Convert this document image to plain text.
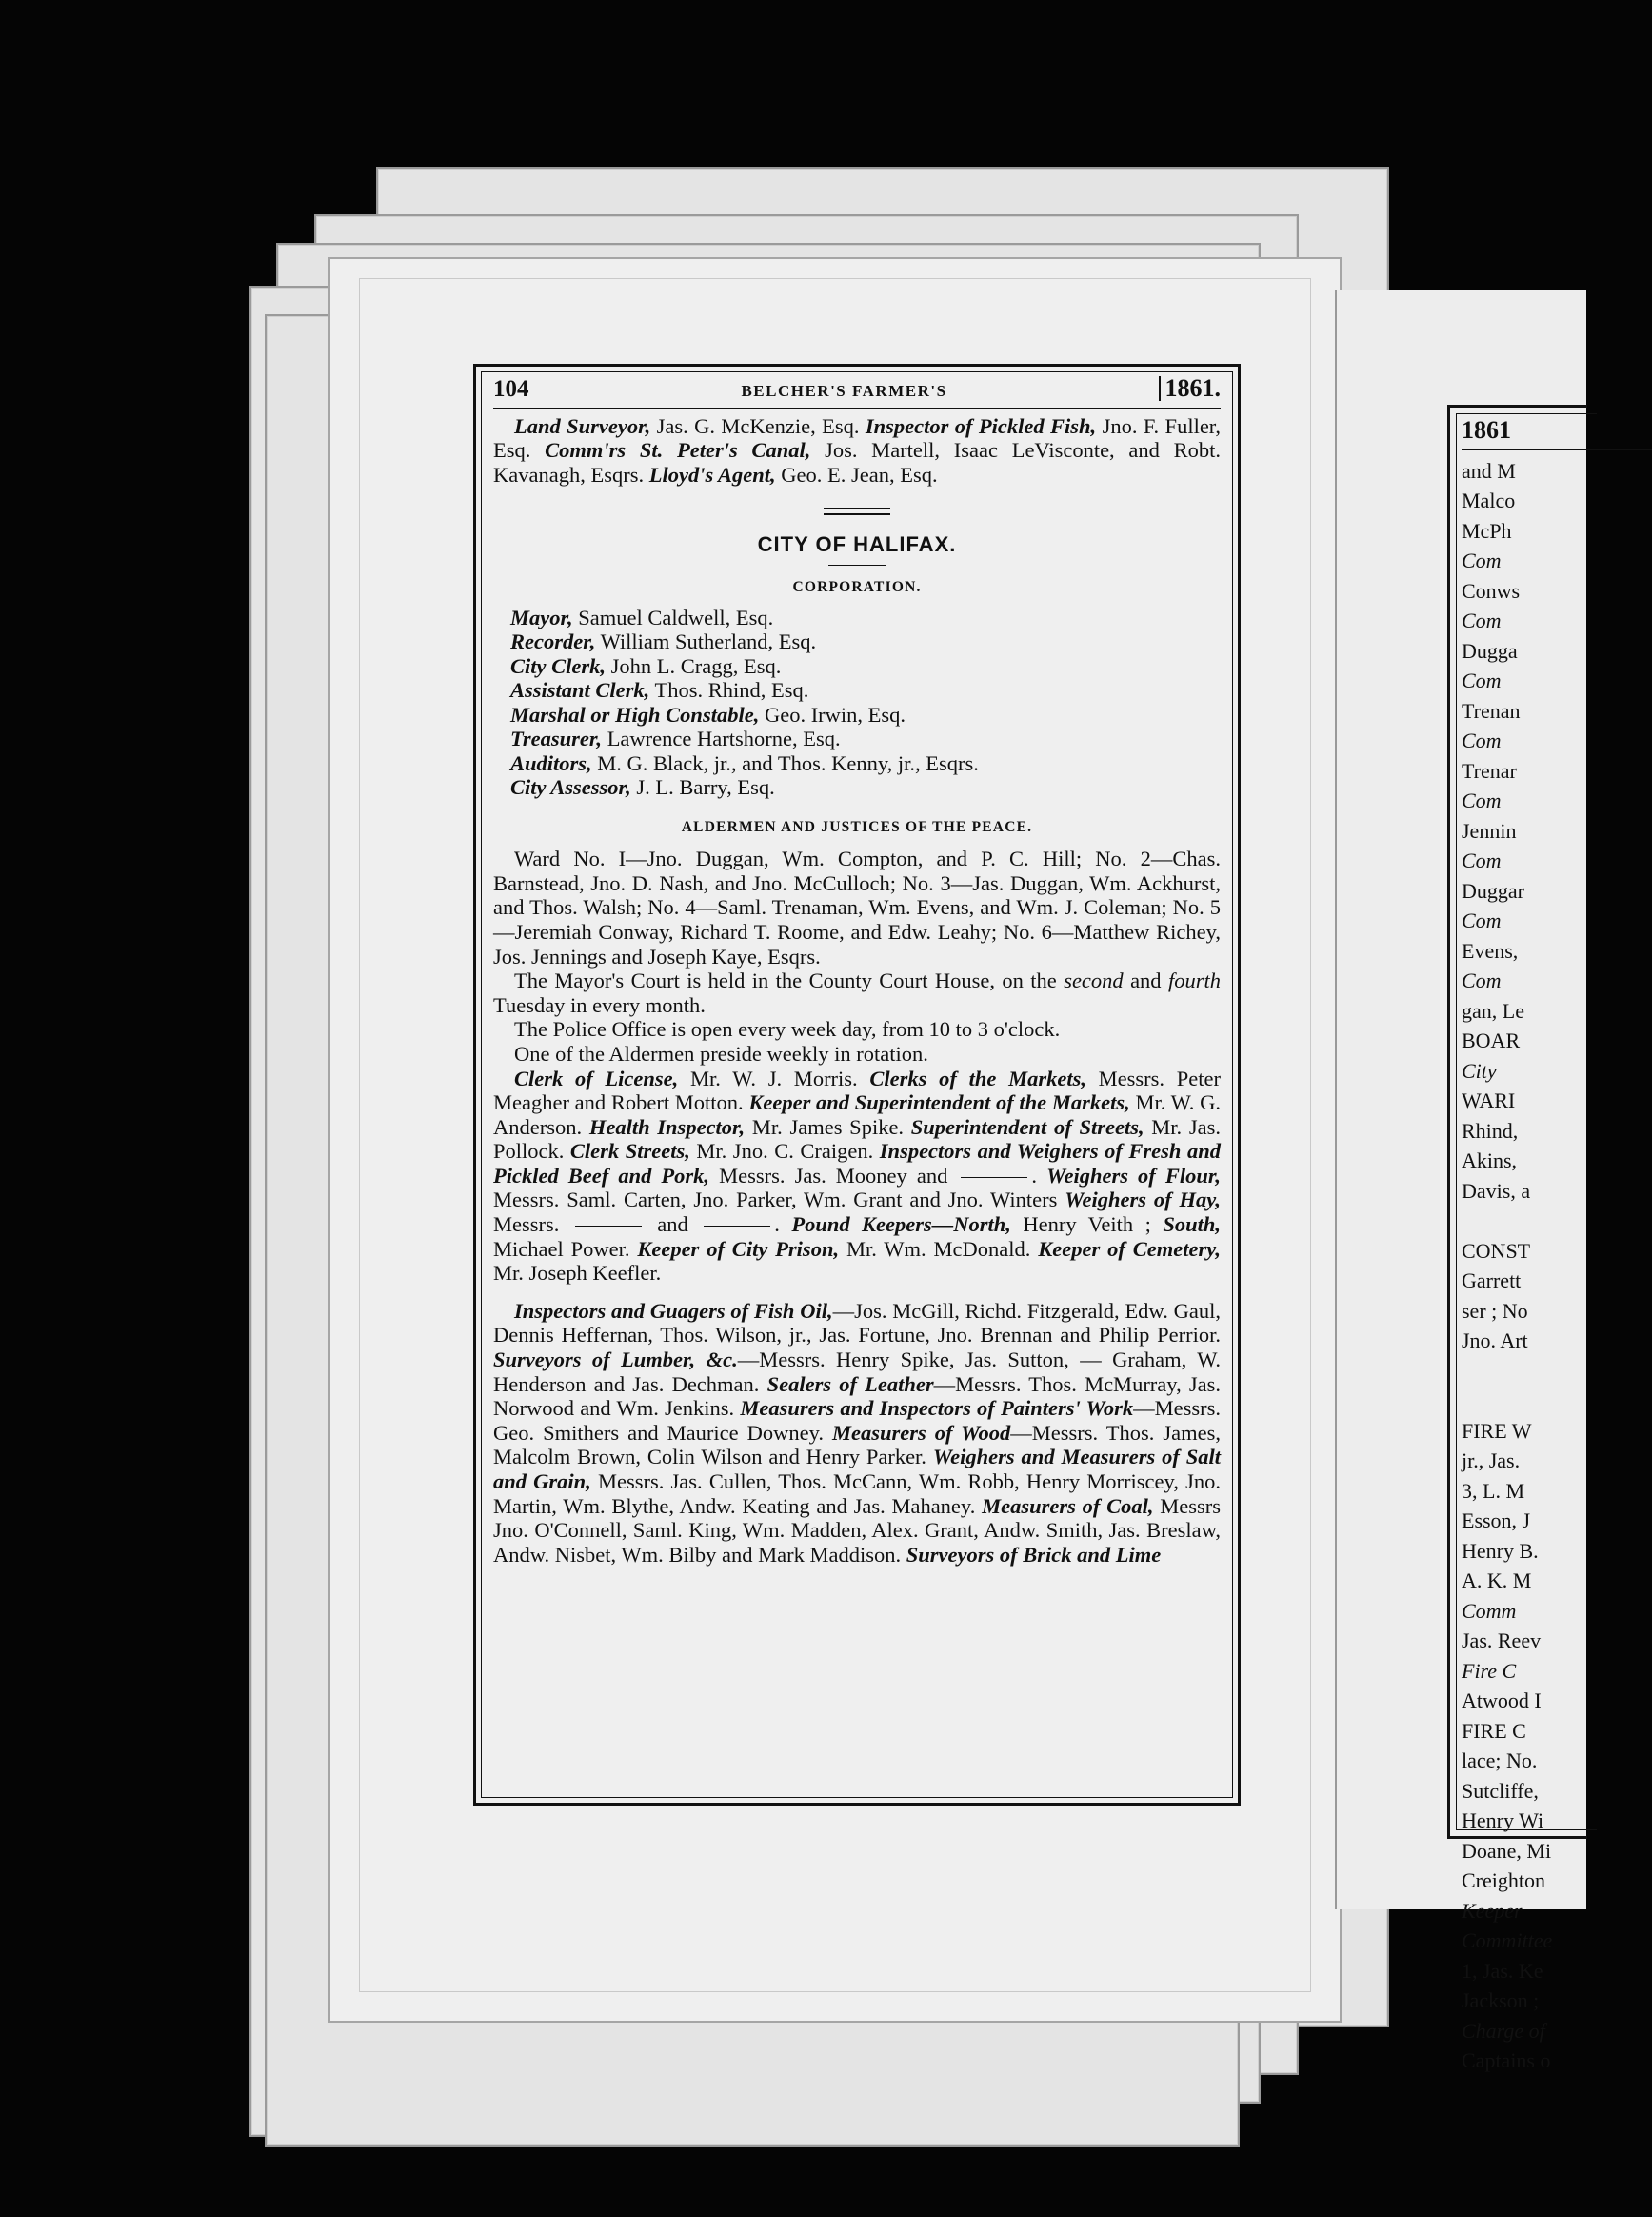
1861
and M
Malco
McPh
Com
Conws
Com
Dugga
Com
Trenan
Com
Trenar
Com
Jennin
Com
Duggar
Com
Evens,
Com
gan, Le
BOAR
City
WARI
Rhind,
Akins,
Davis, a

CONST
Garrett
ser ; No
Jno. Art

FIRE W
jr., Jas.
3, L. M
Esson, J
Henry B.
A. K. M
Comm
Jas. Reev
Fire C
Atwood I
FIRE C
lace; No.
Sutcliffe,
Henry Wi
Doane, Mi
Creighton
Keeper
Committee
1, Jas. Ke
Jackson ;
Charge of
Captains o
104	BELCHER'S FARMER'S	1861.

Land Surveyor, Jas. G. McKenzie, Esq. Inspector of Pickled Fish, Jno. F. Fuller, Esq. Comm'rs St. Peter's Canal, Jos. Martell, Isaac LeVisconte, and Robt. Kavanagh, Esqrs. Lloyd's Agent, Geo. E. Jean, Esq.

CITY OF HALIFAX.
CORPORATION.

Mayor, Samuel Caldwell, Esq.

Recorder, William Sutherland, Esq.

City Clerk, John L. Cragg, Esq.

Assistant Clerk, Thos. Rhind, Esq.

Marshal or High Constable, Geo. Irwin, Esq.

Treasurer, Lawrence Hartshorne, Esq.

Auditors, M. G. Black, jr., and Thos. Kenny, jr., Esqrs.

City Assessor, J. L. Barry, Esq.

ALDERMEN AND JUSTICES OF THE PEACE.

Ward No. I—Jno. Duggan, Wm. Compton, and P. C. Hill; No. 2—Chas. Barnstead, Jno. D. Nash, and Jno. McCulloch; No. 3—Jas. Duggan, Wm. Ackhurst, and Thos. Walsh; No. 4—Saml. Trenaman, Wm. Evens, and Wm. J. Coleman; No. 5—Jeremiah Conway, Richard T. Roome, and Edw. Leahy; No. 6—Matthew Richey, Jos. Jennings and Joseph Kaye, Esqrs.

The Mayor's Court is held in the County Court House, on the second and fourth Tuesday in every month.

The Police Office is open every week day, from 10 to 3 o'clock.

One of the Aldermen preside weekly in rotation.

Clerk of License, Mr. W. J. Morris. Clerks of the Markets, Messrs. Peter Meagher and Robert Motton. Keeper and Superintendent of the Markets, Mr. W. G. Anderson. Health Inspector, Mr. James Spike. Superintendent of Streets, Mr. Jas. Pollock. Clerk Streets, Mr. Jno. C. Craigen. Inspectors and Weighers of Fresh and Pickled Beef and Pork, Messrs. Jas. Mooney and	. Weighers of Flour, Messrs. Saml. Carten, Jno. Parker, Wm. Grant and Jno. Winters Weighers of Hay, Messrs.	and	. Pound Keepers—North, Henry Veith ; South, Michael Power. Keeper of City Prison, Mr. Wm. McDonald. Keeper of Cemetery, Mr. Joseph Keefler.

Inspectors and Guagers of Fish Oil,—Jos. McGill, Richd. Fitzgerald, Edw. Gaul, Dennis Heffernan, Thos. Wilson, jr., Jas. Fortune, Jno. Brennan and Philip Perrior. Surveyors of Lumber, &c.—Messrs. Henry Spike, Jas. Sutton, — Graham, W. Henderson and Jas. Dechman. Sealers of Leather—Messrs. Thos. McMurray, Jas. Norwood and Wm. Jenkins. Measurers and Inspectors of Painters' Work—Messrs. Geo. Smithers and Maurice Downey. Measurers of Wood—Messrs. Thos. James, Malcolm Brown, Colin Wilson and Henry Parker. Weighers and Measurers of Salt and Grain, Messrs. Jas. Cullen, Thos. McCann, Wm. Robb, Henry Morriscey, Jno. Martin, Wm. Blythe, Andw. Keating and Jas. Mahaney. Measurers of Coal, Messrs Jno. O'Connell, Saml. King, Wm. Madden, Alex. Grant, Andw. Smith, Jas. Breslaw, Andw. Nisbet, Wm. Bilby and Mark Maddison. Surveyors of Brick and Lime
